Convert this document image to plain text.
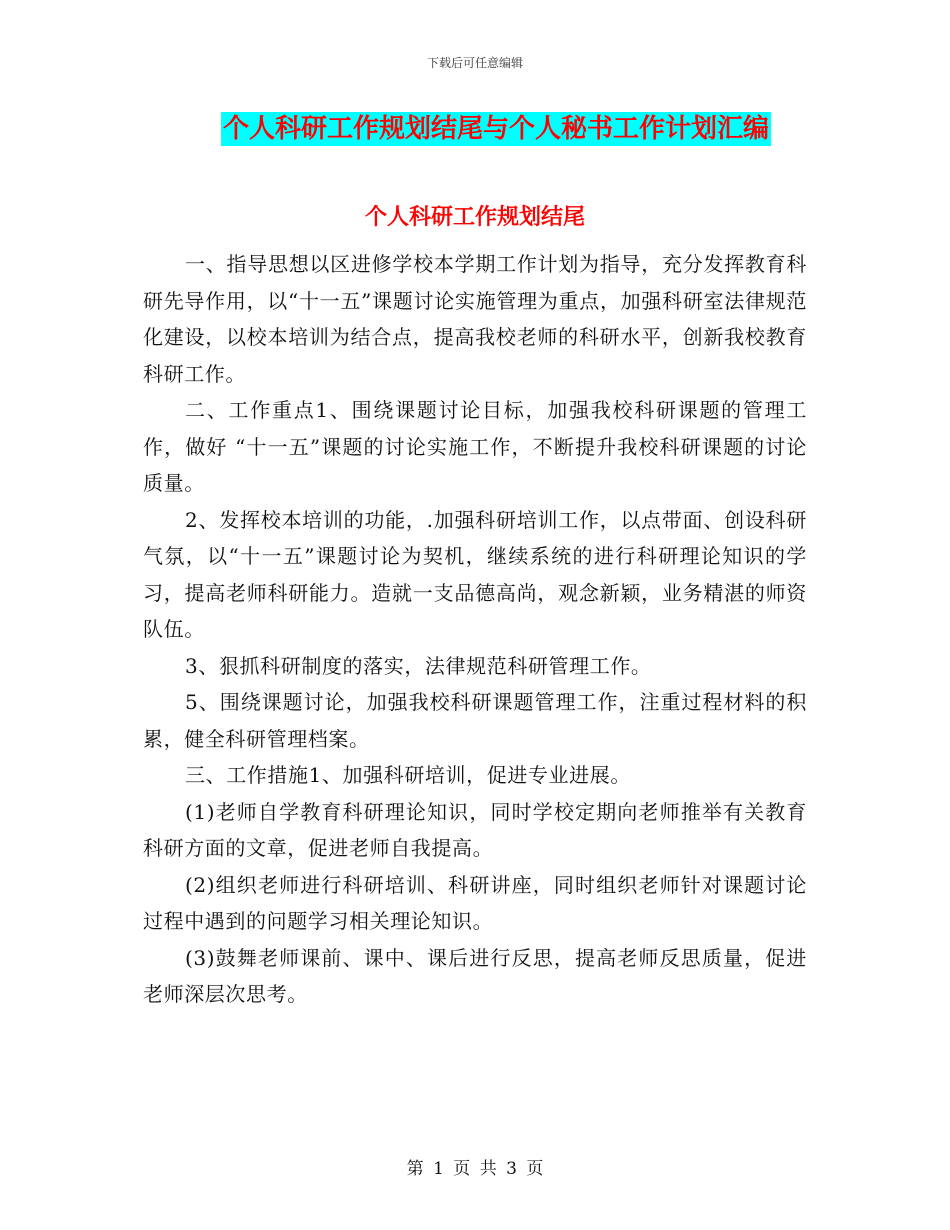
下载后可任意编辑
个人科研工作规划结尾与个人秘书工作计划汇编
个人科研工作规划结尾

一、指导思想以区进修学校本学期工作计划为指导，充分发挥教育科研先导作用，以“十一五”课题讨论实施管理为重点，加强科研室法律规范化建设，以校本培训为结合点，提高我校老师的科研水平，创新我校教育科研工作。

二、工作重点1、围绕课题讨论目标，加强我校科研课题的管理工作，做好 “十一五”课题的讨论实施工作，不断提升我校科研课题的讨论质量。

2、发挥校本培训的功能，.加强科研培训工作，以点带面、创设科研气氛，以“十一五”课题讨论为契机，继续系统的进行科研理论知识的学习，提高老师科研能力。造就一支品德高尚，观念新颖，业务精湛的师资队伍。

3、狠抓科研制度的落实，法律规范科研管理工作。

5、围绕课题讨论，加强我校科研课题管理工作，注重过程材料的积累，健全科研管理档案。

三、工作措施1、加强科研培训，促进专业进展。

(1)老师自学教育科研理论知识，同时学校定期向老师推举有关教育科研方面的文章，促进老师自我提高。

(2)组织老师进行科研培训、科研讲座，同时组织老师针对课题讨论过程中遇到的问题学习相关理论知识。

(3)鼓舞老师课前、课中、课后进行反思，提高老师反思质量，促进老师深层次思考。

第 1 页 共 3 页
